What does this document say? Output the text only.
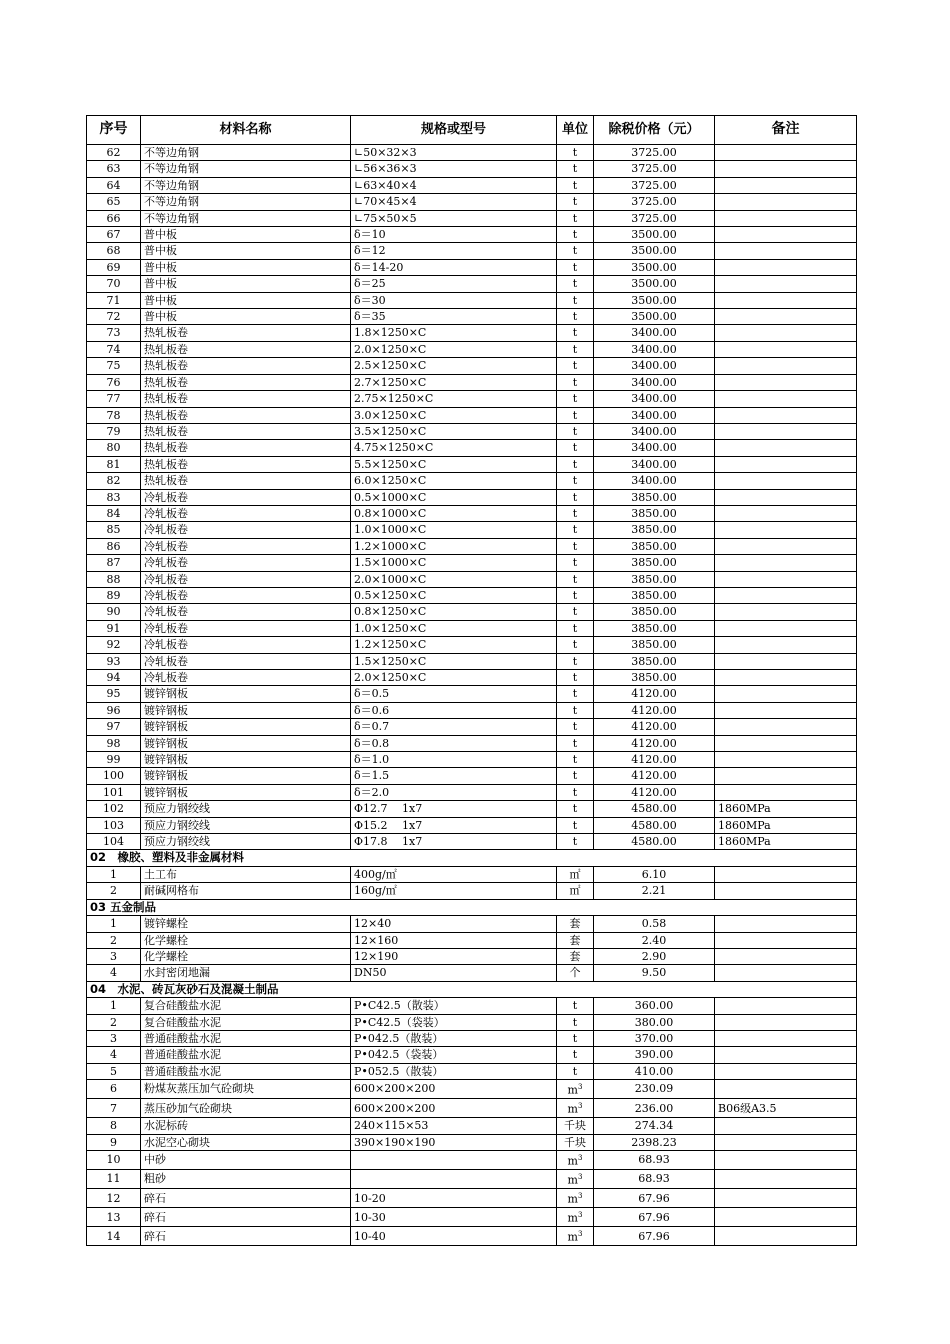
序号	材料名称	规格或型号	单位	除税价格（元）	备注
62	不等边角钢	∟50×32×3	t	3725.00	
63	不等边角钢	∟56×36×3	t	3725.00	
64	不等边角钢	∟63×40×4	t	3725.00	
65	不等边角钢	∟70×45×4	t	3725.00	
66	不等边角钢	∟75×50×5	t	3725.00	
67	普中板	δ＝10	t	3500.00	
68	普中板	δ＝12	t	3500.00	
69	普中板	δ＝14-20	t	3500.00	
70	普中板	δ＝25	t	3500.00	
71	普中板	δ＝30	t	3500.00	
72	普中板	δ＝35	t	3500.00	
73	热轧板卷	1.8×1250×C	t	3400.00	
74	热轧板卷	2.0×1250×C	t	3400.00	
75	热轧板卷	2.5×1250×C	t	3400.00	
76	热轧板卷	2.7×1250×C	t	3400.00	
77	热轧板卷	2.75×1250×C	t	3400.00	
78	热轧板卷	3.0×1250×C	t	3400.00	
79	热轧板卷	3.5×1250×C	t	3400.00	
80	热轧板卷	4.75×1250×C	t	3400.00	
81	热轧板卷	5.5×1250×C	t	3400.00	
82	热轧板卷	6.0×1250×C	t	3400.00	
83	冷轧板卷	0.5×1000×C	t	3850.00	
84	冷轧板卷	0.8×1000×C	t	3850.00	
85	冷轧板卷	1.0×1000×C	t	3850.00	
86	冷轧板卷	1.2×1000×C	t	3850.00	
87	冷轧板卷	1.5×1000×C	t	3850.00	
88	冷轧板卷	2.0×1000×C	t	3850.00	
89	冷轧板卷	0.5×1250×C	t	3850.00	
90	冷轧板卷	0.8×1250×C	t	3850.00	
91	冷轧板卷	1.0×1250×C	t	3850.00	
92	冷轧板卷	1.2×1250×C	t	3850.00	
93	冷轧板卷	1.5×1250×C	t	3850.00	
94	冷轧板卷	2.0×1250×C	t	3850.00	
95	镀锌钢板	δ＝0.5	t	4120.00	
96	镀锌钢板	δ＝0.6	t	4120.00	
97	镀锌钢板	δ＝0.7	t	4120.00	
98	镀锌钢板	δ＝0.8	t	4120.00	
99	镀锌钢板	δ＝1.0	t	4120.00	
100	镀锌钢板	δ＝1.5	t	4120.00	
101	镀锌钢板	δ＝2.0	t	4120.00	
102	预应力钢绞线	Φ12.7　 1x7	t	4580.00	1860MPa
103	预应力钢绞线	Φ15.2　 1x7	t	4580.00	1860MPa
104	预应力钢绞线	Φ17.8　 1x7	t	4580.00	1860MPa
02　橡胶、塑料及非金属材料					
1	土工布	400g/㎡	㎡	6.10	
2	耐碱网格布	160g/㎡	㎡	2.21	
03 五金制品					
1	镀锌螺栓	12×40	套	0.58	
2	化学螺栓	12×160	套	2.40	
3	化学螺栓	12×190	套	2.90	
4	水封密闭地漏	DN50	个	9.50	
04　水泥、砖瓦灰砂石及混凝土制品					
1	复合硅酸盐水泥	P•C42.5（散装）	t	360.00	
2	复合硅酸盐水泥	P•C42.5（袋装）	t	380.00	
3	普通硅酸盐水泥	P•042.5（散装）	t	370.00	
4	普通硅酸盐水泥	P•042.5（袋装）	t	390.00	
5	普通硅酸盐水泥	P•052.5（散装）	t	410.00	
6	粉煤灰蒸压加气砼砌块	600×200×200	$m^3$	230.09	
7	蒸压砂加气砼砌块	600×200×200	$m^3$	236.00	B06级A3.5
8	水泥标砖	240×115×53	千块	274.34	
9	水泥空心砌块	390×190×190	千块	2398.23	
10	中砂		$m^3$	68.93	
11	粗砂		$m^3$	68.93	
12	碎石	10-20	$m^3$	67.96	
13	碎石	10-30	$m^3$	67.96	
14	碎石	10-40	$m^3$	67.96	
